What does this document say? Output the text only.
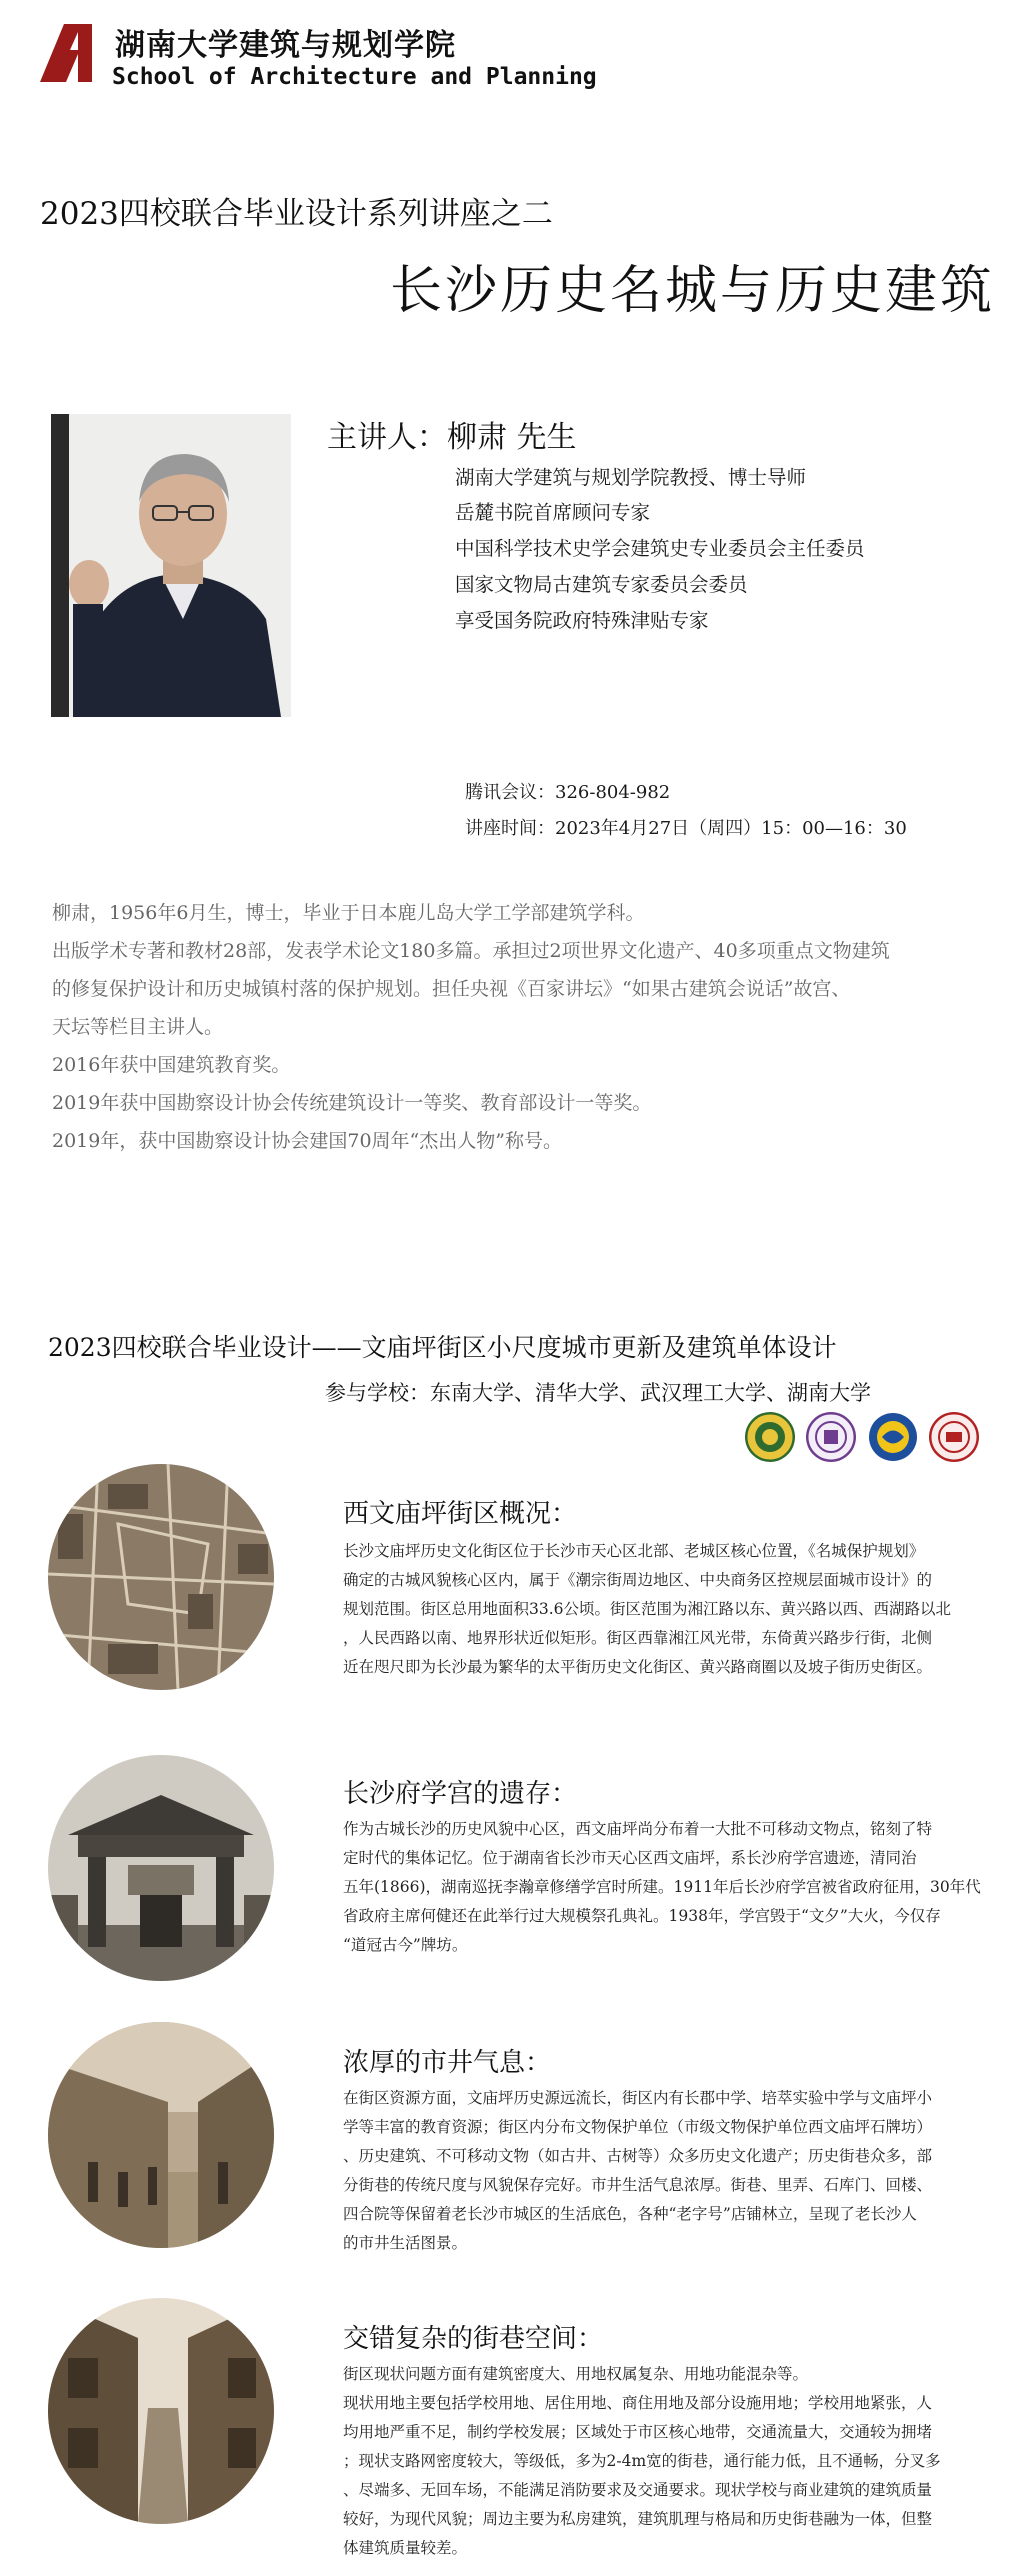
湖南大学建筑与规划学院
School of Architecture and Planning
2023四校联合毕业设计系列讲座之二
长沙历史名城与历史建筑
主讲人：柳肃 先生
湖南大学建筑与规划学院教授、博士导师
岳麓书院首席顾问专家
中国科学技术史学会建筑史专业委员会主任委员
国家文物局古建筑专家委员会委员
享受国务院政府特殊津贴专家
腾讯会议：326-804-982
讲座时间：2023年4月27日（周四）15：00—16：30
柳肃，1956年6月生，博士，毕业于日本鹿儿岛大学工学部建筑学科。
出版学术专著和教材28部，发表学术论文180多篇。承担过2项世界文化遗产、40多项重点文物建筑
的修复保护设计和历史城镇村落的保护规划。担任央视《百家讲坛》“如果古建筑会说话”故宫、
天坛等栏目主讲人。
2016年获中国建筑教育奖。
2019年获中国勘察设计协会传统建筑设计一等奖、教育部设计一等奖。
2019年，获中国勘察设计协会建国70周年“杰出人物”称号。
2023四校联合毕业设计——文庙坪街区小尺度城市更新及建筑单体设计
参与学校：东南大学、清华大学、武汉理工大学、湖南大学
西文庙坪街区概况：

长沙文庙坪历史文化街区位于长沙市天心区北部、老城区核心位置，《名城保护规划》

确定的古城风貌核心区内，属于《潮宗街周边地区、中央商务区控规层面城市设计》的

规划范围。街区总用地面积33.6公顷。街区范围为湘江路以东、黄兴路以西、西湖路以北

，人民西路以南、地界形状近似矩形。街区西靠湘江风光带，东倚黄兴路步行街，北侧

近在咫尺即为长沙最为繁华的太平街历史文化街区、黄兴路商圈以及坡子街历史街区。

长沙府学宫的遗存：

作为古城长沙的历史风貌中心区，西文庙坪尚分布着一大批不可移动文物点，铭刻了特

定时代的集体记忆。位于湖南省长沙市天心区西文庙坪，系长沙府学宫遗迹，清同治

五年(1866)，湖南巡抚李瀚章修缮学宫时所建。1911年后长沙府学宫被省政府征用，30年代

省政府主席何健还在此举行过大规模祭孔典礼。1938年，学宫毁于“文夕”大火，今仅存

“道冠古今”牌坊。

浓厚的市井气息：

在街区资源方面，文庙坪历史源远流长，街区内有长郡中学、培萃实验中学与文庙坪小

学等丰富的教育资源；街区内分布文物保护单位（市级文物保护单位西文庙坪石牌坊）

、历史建筑、不可移动文物（如古井、古树等）众多历史文化遗产；历史街巷众多，部

分街巷的传统尺度与风貌保存完好。市井生活气息浓厚。街巷、里弄、石库门、回楼、

四合院等保留着老长沙市城区的生活底色，各种“老字号”店铺林立，呈现了老长沙人

的市井生活图景。

交错复杂的街巷空间：

街区现状问题方面有建筑密度大、用地权属复杂、用地功能混杂等。

现状用地主要包括学校用地、居住用地、商住用地及部分设施用地；学校用地紧张，人

均用地严重不足，制约学校发展；区域处于市区核心地带，交通流量大，交通较为拥堵

；现状支路网密度较大，等级低，多为2-4m宽的街巷，通行能力低，且不通畅，分叉多

、尽端多、无回车场，不能满足消防要求及交通要求。现状学校与商业建筑的建筑质量

较好，为现代风貌；周边主要为私房建筑，建筑肌理与格局和历史街巷融为一体，但整

体建筑质量较差。
